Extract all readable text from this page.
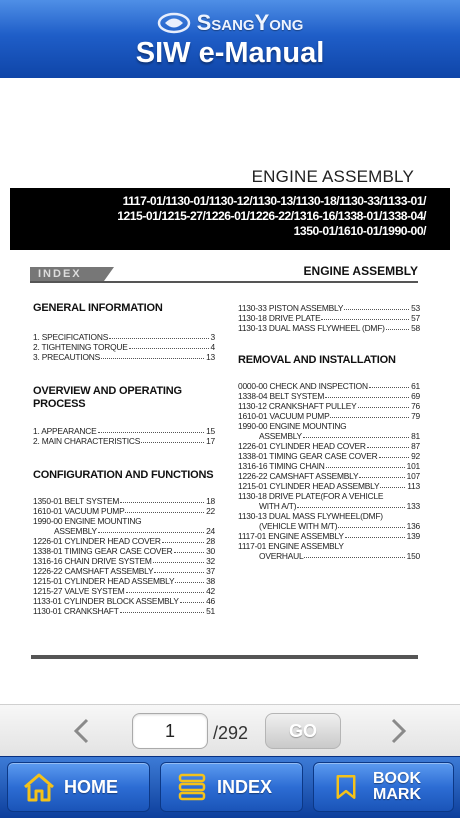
SsangYong
SIW e-Manual
ENGINE ASSEMBLY
1117-01/1130-01/1130-12/1130-13/1130-18/1130-33/1133-01/
1215-01/1215-27/1226-01/1226-22/1316-16/1338-01/1338-04/
1350-01/1610-01/1990-00/
INDEX	ENGINE ASSEMBLY
GENERAL INFORMATION
1. SPECIFICATIONS	3
2. TIGHTENING TORQUE	4
3. PRECAUTIONS	13
OVERVIEW AND OPERATING PROCESS
1. APPEARANCE	15
2. MAIN CHARACTERISTICS	17
CONFIGURATION AND FUNCTIONS
1350-01 BELT SYSTEM	18
1610-01 VACUUM PUMP	22
1990-00 ENGINE MOUNTING
ASSEMBLY	24
1226-01 CYLINDER HEAD COVER	28
1338-01 TIMING GEAR CASE COVER	30
1316-16 CHAIN DRIVE SYSTEM	32
1226-22 CAMSHAFT ASSEMBLY	37
1215-01 CYLINDER HEAD ASSEMBLY	38
1215-27 VALVE SYSTEM	42
1133-01 CYLINDER BLOCK ASSEMBLY	46
1130-01 CRANKSHAFT	51
1130-33 PISTON ASSEMBLY	53
1130-18 DRIVE PLATE	57
1130-13 DUAL MASS FLYWHEEL (DMF)	58
REMOVAL AND INSTALLATION
0000-00 CHECK AND INSPECTION	61
1338-04 BELT SYSTEM	69
1130-12 CRANKSHAFT PULLEY	76
1610-01 VACUUM PUMP	79
1990-00 ENGINE MOUNTING
ASSEMBLY	81
1226-01 CYLINDER HEAD COVER	87
1338-01 TIMING GEAR CASE COVER	92
1316-16 TIMING CHAIN	101
1226-22 CAMSHAFT ASSEMBLY	107
1215-01 CYLINDER HEAD ASSEMBLY	113
1130-18 DRIVE PLATE(FOR A VEHICLE
WITH A/T)	133
1130-13 DUAL MASS FLYWHEEL(DMF)
(VEHICLE WITH M/T)	136
1117-01 ENGINE ASSEMBLY	139
1117-01 ENGINE ASSEMBLY
OVERHAUL	150
1
/292	GO
HOME	INDEX	BOOK
MARK
